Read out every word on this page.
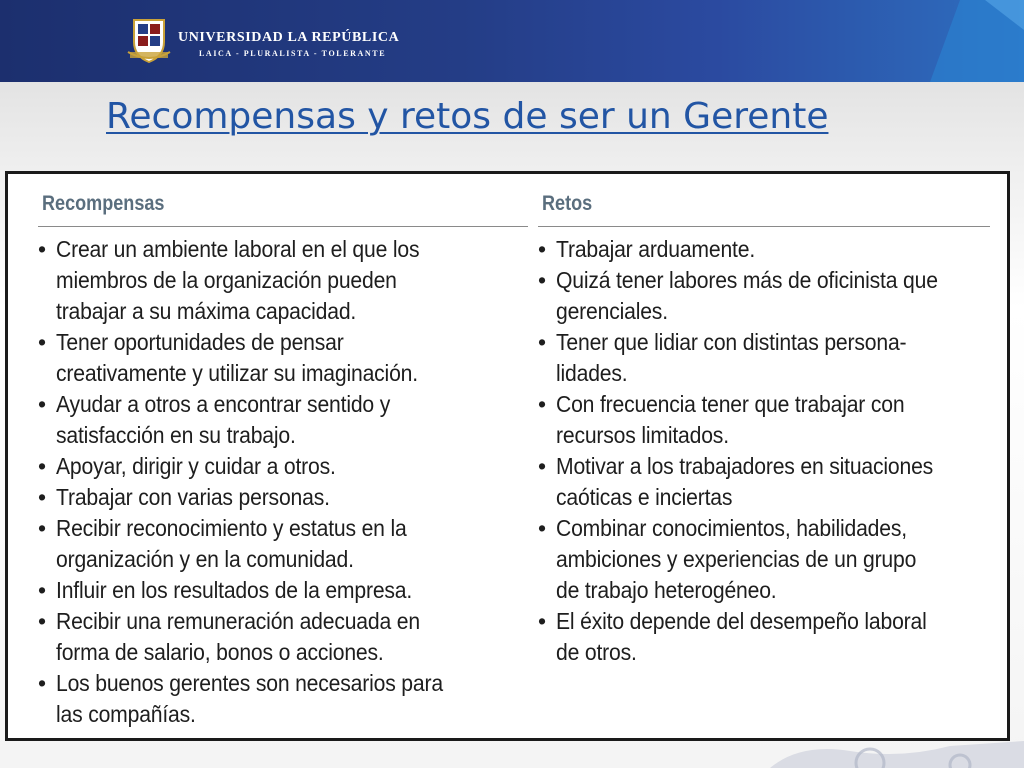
UNIVERSIDAD LA REPÚBLICA

LAICA - PLURALISTA - TOLERANTE

Recompensas y retos de ser un Gerente
Recompensas
• Crear un ambiente laboral en el que los
miembros de la organización pueden
trabajar a su máxima capacidad.
• Tener oportunidades de pensar
creativamente y utilizar su imaginación.
• Ayudar a otros a encontrar sentido y
satisfacción en su trabajo.
• Apoyar, dirigir y cuidar a otros.
• Trabajar con varias personas.
• Recibir reconocimiento y estatus en la
organización y en la comunidad.
• Influir en los resultados de la empresa.
• Recibir una remuneración adecuada en
forma de salario, bonos o acciones.
• Los buenos gerentes son necesarios para
las compañías.
Retos
• Trabajar arduamente.
• Quizá tener labores más de oficinista que
gerenciales.
• Tener que lidiar con distintas persona-
lidades.
• Con frecuencia tener que trabajar con
recursos limitados.
• Motivar a los trabajadores en situaciones
caóticas e inciertas
• Combinar conocimientos, habilidades,
ambiciones y experiencias de un grupo
de trabajo heterogéneo.
• El éxito depende del desempeño laboral
de otros.
